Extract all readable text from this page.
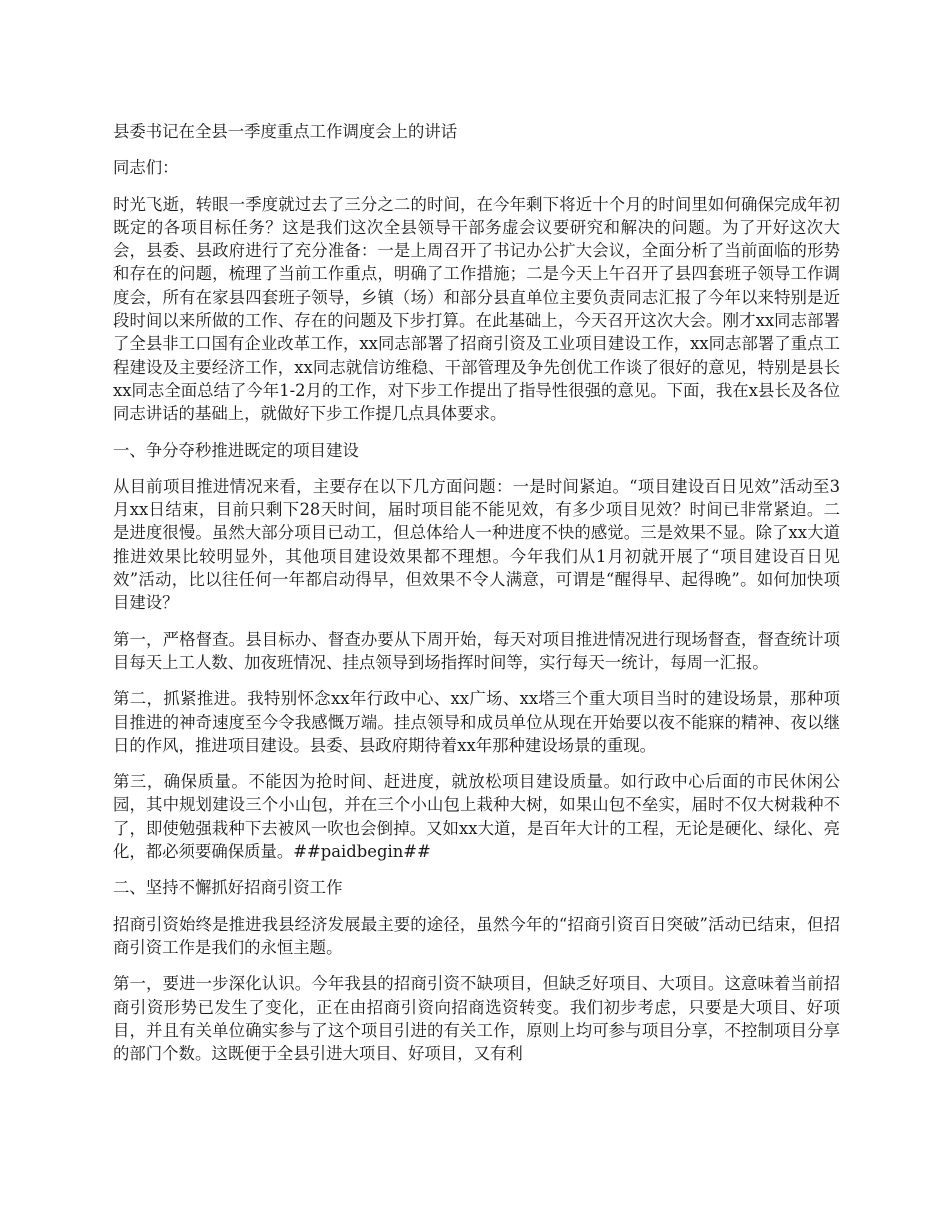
县委书记在全县一季度重点工作调度会上的讲话

同志们：

时光飞逝，转眼一季度就过去了三分之二的时间，在今年剩下将近十个月的时间里如何确保完成年初既定的各项目标任务？这是我们这次全县领导干部务虚会议要研究和解决的问题。为了开好这次大会，县委、县政府进行了充分准备：一是上周召开了书记办公扩大会议，全面分析了当前面临的形势和存在的问题，梳理了当前工作重点，明确了工作措施；二是今天上午召开了县四套班子领导工作调度会，所有在家县四套班子领导，乡镇（场）和部分县直单位主要负责同志汇报了今年以来特别是近段时间以来所做的工作、存在的问题及下步打算。在此基础上，今天召开这次大会。刚才xx同志部署了全县非工口国有企业改革工作，xx同志部署了招商引资及工业项目建设工作，xx同志部署了重点工程建设及主要经济工作，xx同志就信访维稳、干部管理及争先创优工作谈了很好的意见，特别是县长xx同志全面总结了今年1-2月的工作，对下步工作提出了指导性很强的意见。下面，我在x县长及各位同志讲话的基础上，就做好下步工作提几点具体要求。

一、争分夺秒推进既定的项目建设

从目前项目推进情况来看，主要存在以下几方面问题：一是时间紧迫。“项目建设百日见效”活动至3月xx日结束，目前只剩下28天时间，届时项目能不能见效，有多少项目见效？时间已非常紧迫。二是进度很慢。虽然大部分项目已动工，但总体给人一种进度不快的感觉。三是效果不显。除了xx大道推进效果比较明显外，其他项目建设效果都不理想。今年我们从1月初就开展了“项目建设百日见效”活动，比以往任何一年都启动得早，但效果不令人满意，可谓是“醒得早、起得晚”。如何加快项目建设？

第一，严格督查。县目标办、督查办要从下周开始，每天对项目推进情况进行现场督查，督查统计项目每天上工人数、加夜班情况、挂点领导到场指挥时间等，实行每天一统计，每周一汇报。

第二，抓紧推进。我特别怀念xx年行政中心、xx广场、xx塔三个重大项目当时的建设场景，那种项目推进的神奇速度至今令我感慨万端。挂点领导和成员单位从现在开始要以夜不能寐的精神、夜以继日的作风，推进项目建设。县委、县政府期待着xx年那种建设场景的重现。

第三，确保质量。不能因为抢时间、赶进度，就放松项目建设质量。如行政中心后面的市民休闲公园，其中规划建设三个小山包，并在三个小山包上栽种大树，如果山包不垒实，届时不仅大树栽种不了，即使勉强栽种下去被风一吹也会倒掉。又如xx大道，是百年大计的工程，无论是硬化、绿化、亮化，都必须要确保质量。##paidbegin##

二、坚持不懈抓好招商引资工作

招商引资始终是推进我县经济发展最主要的途径，虽然今年的“招商引资百日突破”活动已结束，但招商引资工作是我们的永恒主题。

第一，要进一步深化认识。今年我县的招商引资不缺项目，但缺乏好项目、大项目。这意味着当前招商引资形势已发生了变化，正在由招商引资向招商选资转变。我们初步考虑，只要是大项目、好项目，并且有关单位确实参与了这个项目引进的有关工作，原则上均可参与项目分享，不控制项目分享的部门个数。这既便于全县引进大项目、好项目，又有利
